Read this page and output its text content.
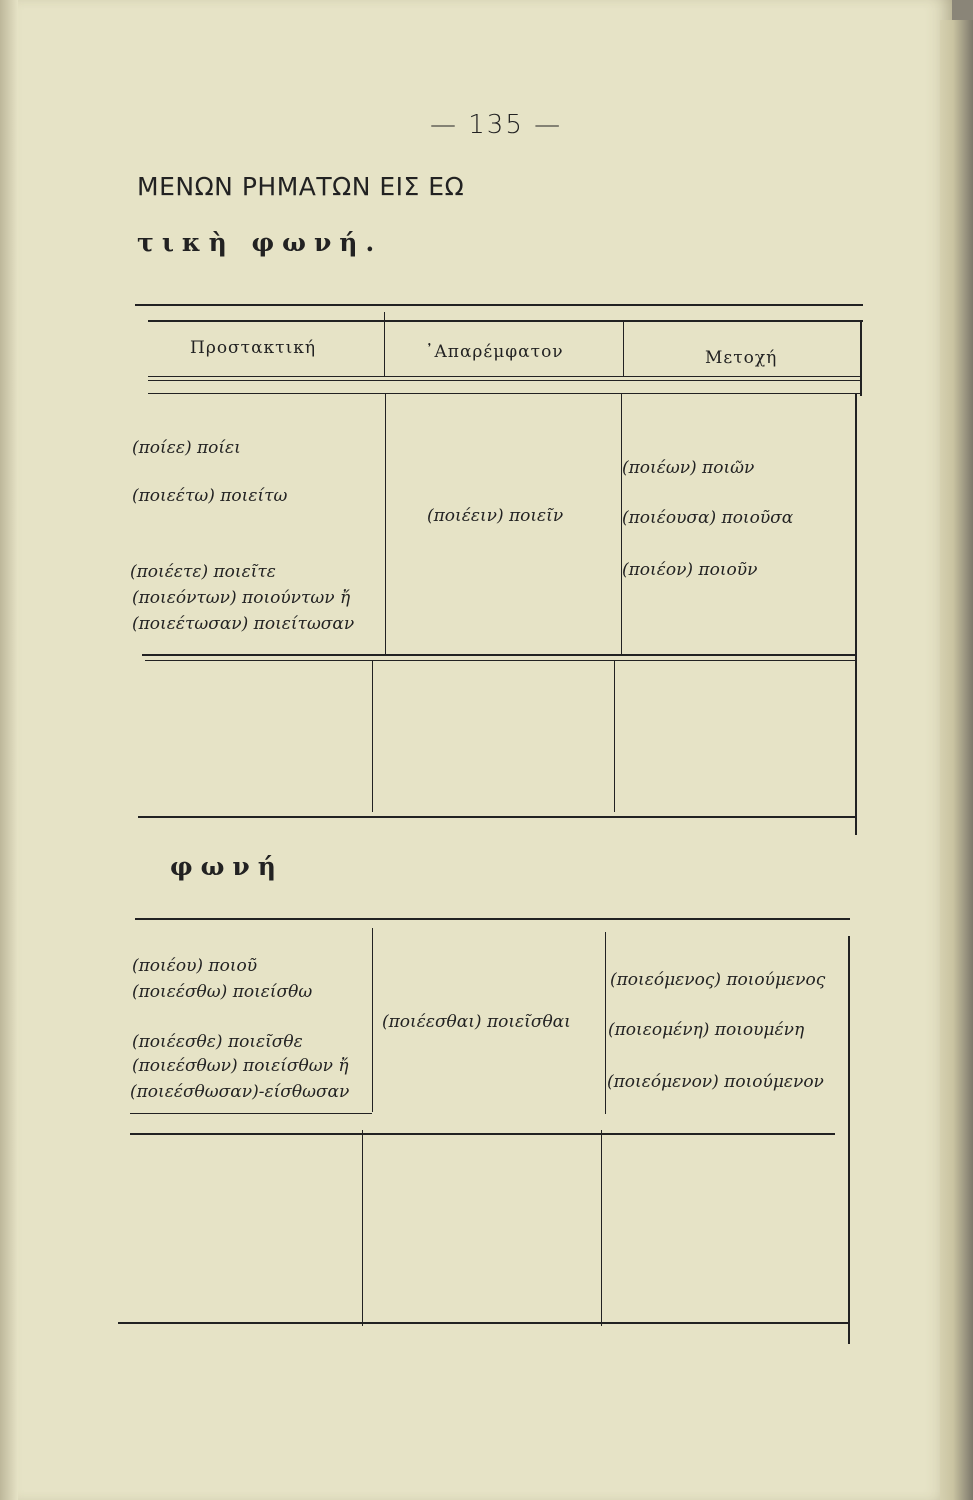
— 135 —
ΜΕΝΩΝ ΡΗΜΑΤΩΝ ΕΙΣ ΕΩ
τικὴ φωνή.
Προστακτική	᾿Απαρέμφατον	Μετοχή
(ποίεε) ποίει
(ποιεέτω) ποιείτω
(ποιέετε) ποιεῖτε
(ποιεόντων) ποιούντων ἤ
(ποιεέτωσαν) ποιείτωσαν
(ποιέειν) ποιεῖν
(ποιέων) ποιῶν
(ποιέουσα) ποιοῦσα
(ποιέον) ποιοῦν
φωνή
(ποιέου) ποιοῦ
(ποιεέσθω) ποιείσθω
(ποιέεσθε) ποιεῖσθε
(ποιεέσθων) ποιείσθων ἤ
(ποιεέσθωσαν)-είσθωσαν
(ποιέεσθαι) ποιεῖσθαι
(ποιεόμενος) ποιούμενος
(ποιεομένη) ποιουμένη
(ποιεόμενον) ποιούμενον
